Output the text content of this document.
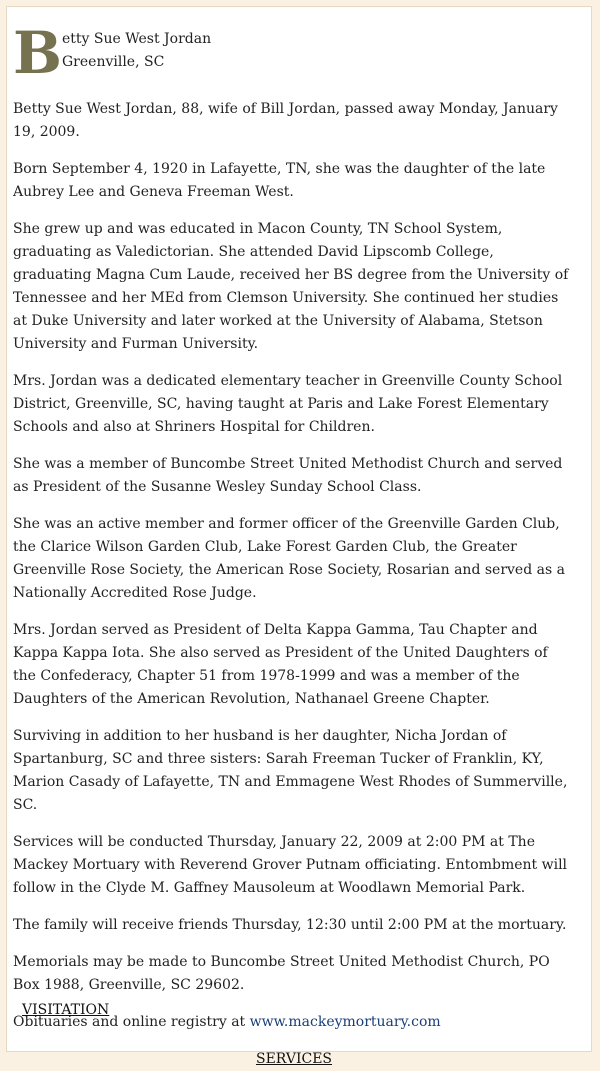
B etty Sue West Jordan
Greenville, SC

Betty Sue West Jordan, 88, wife of Bill Jordan, passed away Monday, January 19, 2009.

Born September 4, 1920 in Lafayette, TN, she was the daughter of the late Aubrey Lee and Geneva Freeman West.

She grew up and was educated in Macon County, TN School System, graduating as Valedictorian. She attended David Lipscomb College, graduating Magna Cum Laude, received her BS degree from the University of Tennessee and her MEd from Clemson University. She continued her studies at Duke University and later worked at the University of Alabama, Stetson University and Furman University.

Mrs. Jordan was a dedicated elementary teacher in Greenville County School District, Greenville, SC, having taught at Paris and Lake Forest Elementary Schools and also at Shriners Hospital for Children.

She was a member of Buncombe Street United Methodist Church and served as President of the Susanne Wesley Sunday School Class.

She was an active member and former officer of the Greenville Garden Club, the Clarice Wilson Garden Club, Lake Forest Garden Club, the Greater Greenville Rose Society, the American Rose Society, Rosarian and served as a Nationally Accredited Rose Judge.

Mrs. Jordan served as President of Delta Kappa Gamma, Tau Chapter and Kappa Kappa Iota. She also served as President of the United Daughters of the Confederacy, Chapter 51 from 1978-1999 and was a member of the Daughters of the American Revolution, Nathanael Greene Chapter.

Surviving in addition to her husband is her daughter, Nicha Jordan of Spartanburg, SC and three sisters: Sarah Freeman Tucker of Franklin, KY, Marion Casady of Lafayette, TN and Emmagene West Rhodes of Summerville, SC.

Services will be conducted Thursday, January 22, 2009 at 2:00 PM at The Mackey Mortuary with Reverend Grover Putnam officiating. Entombment will follow in the Clyde M. Gaffney Mausoleum at Woodlawn Memorial Park.

The family will receive friends Thursday, 12:30 until 2:00 PM at the mortuary.

Memorials may be made to Buncombe Street United Methodist Church, PO Box 1988, Greenville, SC 29602.

Obituaries and online registry at www.mackeymortuary.com

SERVICES
VISITATION
